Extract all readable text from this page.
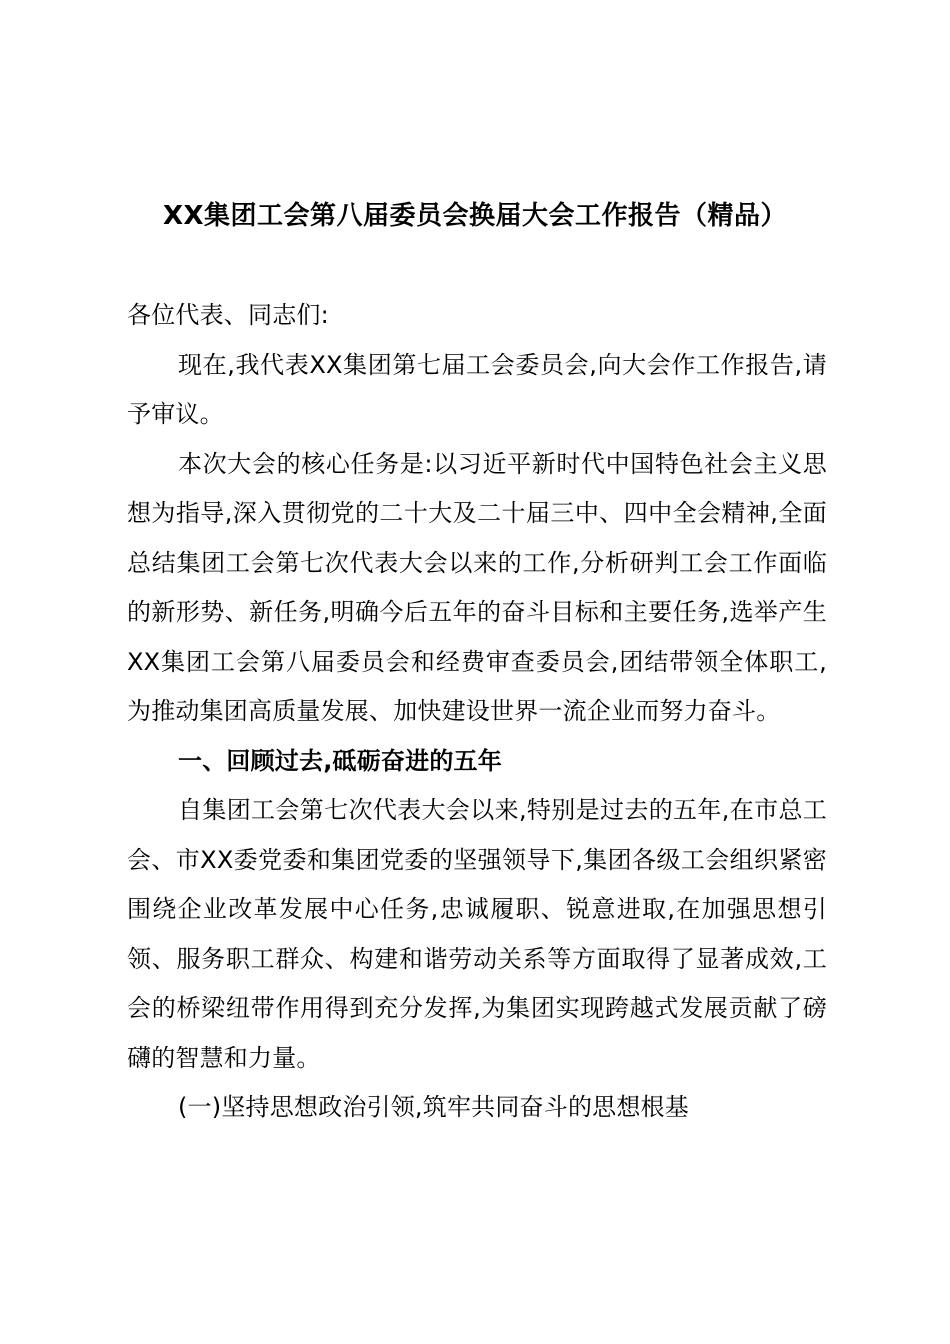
XX集团工会第八届委员会换届大会工作报告（精品）

各位代表、同志们:

现在,我代表XX集团第七届工会委员会,向大会作工作报告,请予审议。

本次大会的核心任务是:以习近平新时代中国特色社会主义思想为指导,深入贯彻党的二十大及二十届三中、四中全会精神,全面总结集团工会第七次代表大会以来的工作,分析研判工会工作面临的新形势、新任务,明确今后五年的奋斗目标和主要任务,选举产生XX集团工会第八届委员会和经费审查委员会,团结带领全体职工,为推动集团高质量发展、加快建设世界一流企业而努力奋斗。

一、回顾过去,砥砺奋进的五年

自集团工会第七次代表大会以来,特别是过去的五年,在市总工会、市XX委党委和集团党委的坚强领导下,集团各级工会组织紧密围绕企业改革发展中心任务,忠诚履职、锐意进取,在加强思想引领、服务职工群众、构建和谐劳动关系等方面取得了显著成效,工会的桥梁纽带作用得到充分发挥,为集团实现跨越式发展贡献了磅礴的智慧和力量。

(一)坚持思想政治引领,筑牢共同奋斗的思想根基
